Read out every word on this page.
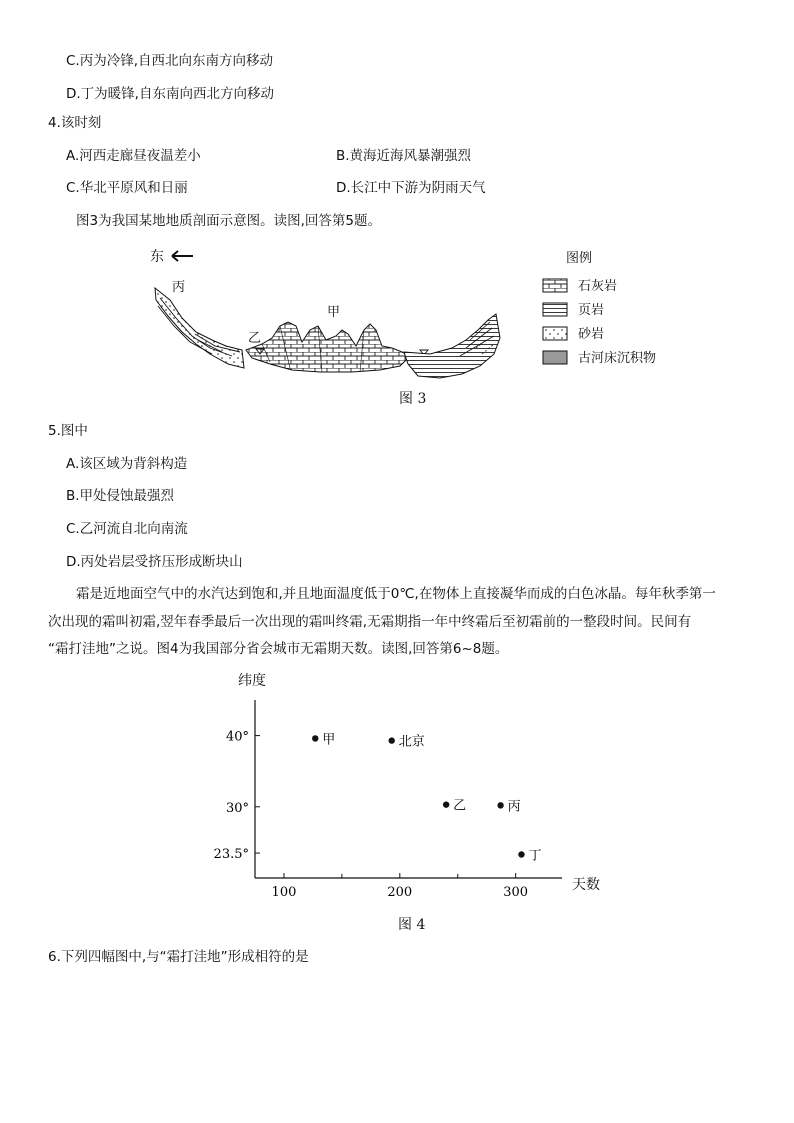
C.丙为冷锋,自西北向东南方向移动
D.丁为暖锋,自东南向西北方向移动
4.该时刻
A.河西走廊昼夜温差小	B.黄海近海风暴潮强烈
C.华北平原风和日丽	D.长江中下游为阴雨天气
图3为我国某地地质剖面示意图。读图,回答第5题。
东
丙
甲
乙
图例
石灰岩
页岩
砂岩
古河床沉积物
图 3
5.图中
A.该区域为背斜构造
B.甲处侵蚀最强烈
C.乙河流自北向南流
D.丙处岩层受挤压形成断块山
霜是近地面空气中的水汽达到饱和,并且地面温度低于0℃,在物体上直接凝华而成的白色冰晶。每年秋季第一
次出现的霜叫初霜,翌年春季最后一次出现的霜叫终霜,无霜期指一年中终霜后至初霜前的一整段时间。民间有
“霜打洼地”之说。图4为我国部分省会城市无霜期天数。读图,回答第6~8题。
纬度
天数
100	200	300
40°
30°
23.5°
甲	北京
乙	丙
丁
图 4
6.下列四幅图中,与“霜打洼地”形成相符的是
